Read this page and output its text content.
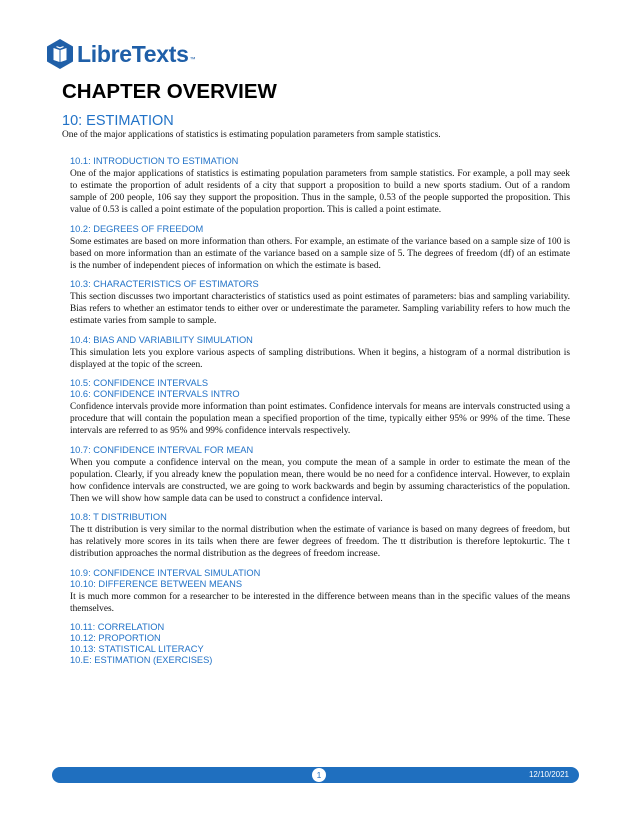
LibreTexts ™
CHAPTER OVERVIEW
10: ESTIMATION
One of the major applications of statistics is estimating population parameters from sample statistics.
10.1: INTRODUCTION TO ESTIMATION

One of the major applications of statistics is estimating population parameters from sample statistics. For example, a poll may seek to estimate the proportion of adult residents of a city that support a proposition to build a new sports stadium. Out of a random sample of 200 people, 106 say they support the proposition. Thus in the sample, 0.53 of the people supported the proposition. This value of 0.53 is called a point estimate of the population proportion. This is called a point estimate.

10.2: DEGREES OF FREEDOM

Some estimates are based on more information than others. For example, an estimate of the variance based on a sample size of 100 is based on more information than an estimate of the variance based on a sample size of 5. The degrees of freedom (df) of an estimate is the number of independent pieces of information on which the estimate is based.

10.3: CHARACTERISTICS OF ESTIMATORS

This section discusses two important characteristics of statistics used as point estimates of parameters: bias and sampling variability. Bias refers to whether an estimator tends to either over or underestimate the parameter. Sampling variability refers to how much the estimate varies from sample to sample.

10.4: BIAS AND VARIABILITY SIMULATION

This simulation lets you explore various aspects of sampling distributions. When it begins, a histogram of a normal distribution is displayed at the topic of the screen.

10.5: CONFIDENCE INTERVALS
10.6: CONFIDENCE INTERVALS INTRO

Confidence intervals provide more information than point estimates. Confidence intervals for means are intervals constructed using a procedure that will contain the population mean a specified proportion of the time, typically either 95% or 99% of the time. These intervals are referred to as 95% and 99% confidence intervals respectively.

10.7: CONFIDENCE INTERVAL FOR MEAN

When you compute a confidence interval on the mean, you compute the mean of a sample in order to estimate the mean of the population. Clearly, if you already knew the population mean, there would be no need for a confidence interval. However, to explain how confidence intervals are constructed, we are going to work backwards and begin by assuming characteristics of the population. Then we will show how sample data can be used to construct a confidence interval.

10.8: T DISTRIBUTION

The tt distribution is very similar to the normal distribution when the estimate of variance is based on many degrees of freedom, but has relatively more scores in its tails when there are fewer degrees of freedom. The tt distribution is therefore leptokurtic. The t distribution approaches the normal distribution as the degrees of freedom increase.

10.9: CONFIDENCE INTERVAL SIMULATION
10.10: DIFFERENCE BETWEEN MEANS

It is much more common for a researcher to be interested in the difference between means than in the specific values of the means themselves.

10.11: CORRELATION
10.12: PROPORTION
10.13: STATISTICAL LITERACY
10.E: ESTIMATION (EXERCISES)
1	12/10/2021
